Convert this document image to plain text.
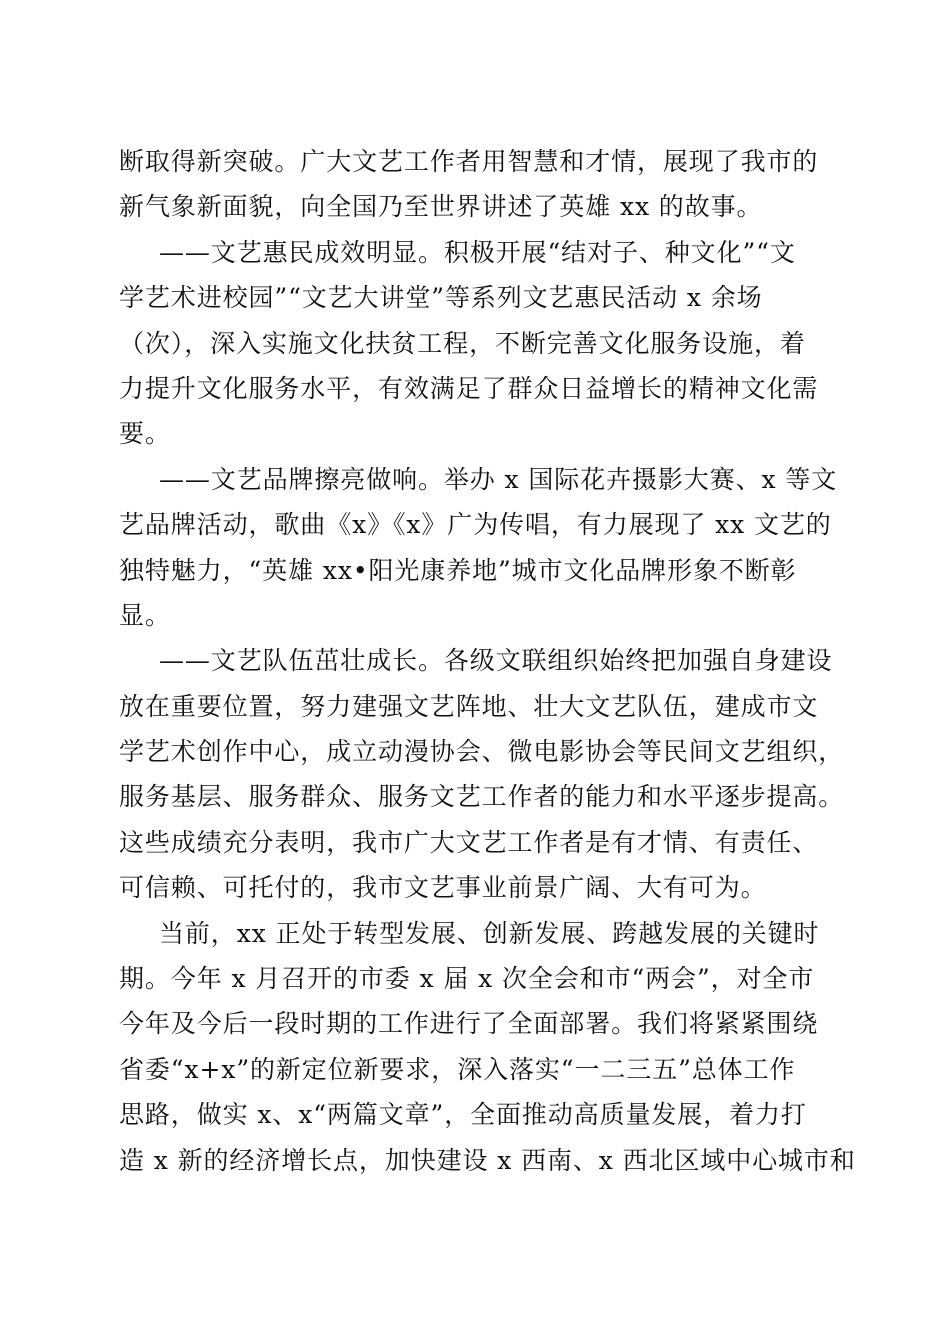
断取得新突破。广大文艺工作者用智慧和才情，展现了我市的
新气象新面貌，向全国乃至世界讲述了英雄 xx 的故事。
——文艺惠民成效明显。积极开展“结对子、种文化”“文
学艺术进校园”“文艺大讲堂”等系列文艺惠民活动 x 余场
（次），深入实施文化扶贫工程，不断完善文化服务设施，着
力提升文化服务水平，有效满足了群众日益增长的精神文化需
要。
——文艺品牌擦亮做响。举办 x 国际花卉摄影大赛、x 等文
艺品牌活动，歌曲《x》《x》广为传唱，有力展现了 xx 文艺的
独特魅力，“英雄 xx•阳光康养地”城市文化品牌形象不断彰
显。
——文艺队伍茁壮成长。各级文联组织始终把加强自身建设
放在重要位置，努力建强文艺阵地、壮大文艺队伍，建成市文
学艺术创作中心，成立动漫协会、微电影协会等民间文艺组织，
服务基层、服务群众、服务文艺工作者的能力和水平逐步提高。
这些成绩充分表明，我市广大文艺工作者是有才情、有责任、
可信赖、可托付的，我市文艺事业前景广阔、大有可为。
当前，xx 正处于转型发展、创新发展、跨越发展的关键时
期。今年 x 月召开的市委 x 届 x 次全会和市“两会”，对全市
今年及今后一段时期的工作进行了全面部署。我们将紧紧围绕
省委“x+x”的新定位新要求，深入落实“一二三五”总体工作
思路，做实 x、x“两篇文章”，全面推动高质量发展，着力打
造 x 新的经济增长点，加快建设 x 西南、x 西北区域中心城市和
